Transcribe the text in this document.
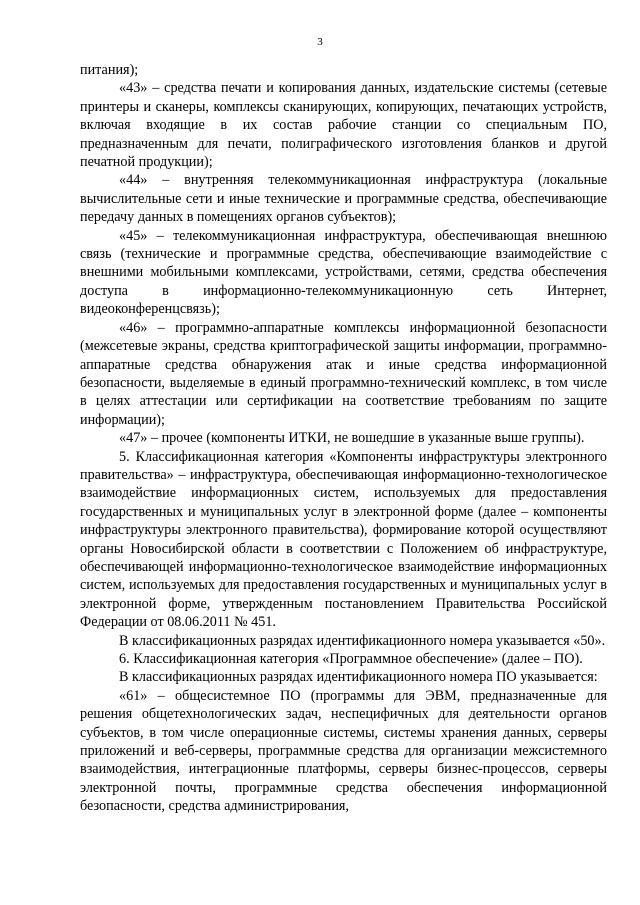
3

питания);

«43» – средства печати и копирования данных, издательские системы (сетевые принтеры и сканеры, комплексы сканирующих, копирующих, печатающих устройств, включая входящие в их состав рабочие станции со специальным ПО, предназначенным для печати, полиграфического изготовления бланков и другой печатной продукции);

«44» – внутренняя телекоммуникационная инфраструктура (локальные вычислительные сети и иные технические и программные средства, обеспечивающие передачу данных в помещениях органов субъектов);

«45» – телекоммуникационная инфраструктура, обеспечивающая внешнюю связь (технические и программные средства, обеспечивающие взаимодействие с внешними мобильными комплексами, устройствами, сетями, средства обеспечения доступа в информационно-телекоммуникационную сеть Интернет, видеоконференцсвязь);

«46» – программно-аппаратные комплексы информационной безопасности (межсетевые экраны, средства криптографической защиты информации, программно-аппаратные средства обнаружения атак и иные средства информационной безопасности, выделяемые в единый программно-технический комплекс, в том числе в целях аттестации или сертификации на соответствие требованиям по защите информации);

«47» – прочее (компоненты ИТКИ, не вошедшие в указанные выше группы).

5. Классификационная категория «Компоненты инфраструктуры электронного правительства» – инфраструктура, обеспечивающая информационно-технологическое взаимодействие информационных систем, используемых для предоставления государственных и муниципальных услуг в электронной форме (далее – компоненты инфраструктуры электронного правительства), формирование которой осуществляют органы Новосибирской области в соответствии с Положением об инфраструктуре, обеспечивающей информационно-технологическое взаимодействие информационных систем, используемых для предоставления государственных и муниципальных услуг в электронной форме, утвержденным постановлением Правительства Российской Федерации от 08.06.2011 № 451.

В классификационных разрядах идентификационного номера указывается «50».

6. Классификационная категория «Программное обеспечение» (далее – ПО).

В классификационных разрядах идентификационного номера ПО указывается:

«61» – общесистемное ПО (программы для ЭВМ, предназначенные для решения общетехнологических задач, неспецифичных для деятельности органов субъектов, в том числе операционные системы, системы хранения данных, серверы приложений и веб-серверы, программные средства для организации межсистемного взаимодействия, интеграционные платформы, серверы бизнес-процессов, серверы электронной почты, программные средства обеспечения информационной безопасности, средства администрирования,
